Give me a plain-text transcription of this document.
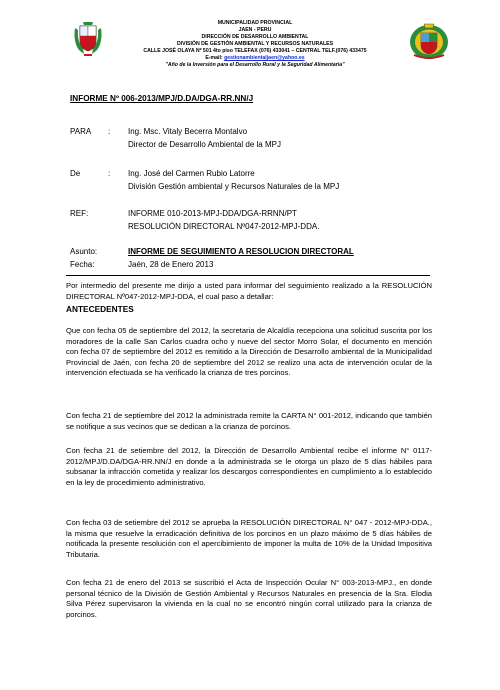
MUNICIPALIDAD PROVINCIAL
JAEN - PERU
DIRECCIÓN DE DESARROLLO AMBIENTAL
DIVISIÓN DE GESTIÓN AMBIENTAL Y RECURSOS NATURALES
CALLE JOSÉ OLAYA Nº 501 4to piso TELEFAX (076) 433041 – CENTRAL TELF.(076) 433475
E-mail: gestionambientaljaen@yahoo.es
"Año de la Inversión para el Desarrollo Rural y la Seguridad Alimentaria"
INFORME Nº 006-2013/MPJ/D.DA/DGA-RR.NN/J
PARA : Ing. Msc. Vitaly Becerra Montalvo
Director de Desarrollo Ambiental de la MPJ
De	: Ing. José del Carmen Rubio Latorre
División Gestión ambiental y Recursos Naturales de la MPJ
REF:	INFORME 010-2013-MPJ-DDA/DGA-RRNN/PT
RESOLUCIÓN DIRECTORAL Nº047-2012-MPJ-DDA.
Asunto:	INFORME DE SEGUIMIENTO A RESOLUCION DIRECTORAL
Fecha:	Jaén, 28 de Enero 2013
Por intermedio del presente me dirijo a usted para informar del seguimiento realizado a la RESOLUCIÓN DIRECTORAL Nº047-2012-MPJ-DDA, el cual paso a detallar:
ANTECEDENTES
Que con fecha 05 de septiembre del 2012, la secretaria de Alcaldía recepciona una solicitud suscrita por los moradores de la calle San Carlos cuadra ocho y nueve del sector Morro Solar, el documento en mención con fecha 07 de septiembre del 2012 es remitido a la Dirección de Desarrollo ambiental de la Municipalidad Provincial de Jaén, con fecha 20 de septiembre del 2012 se realizo una acta de intervención ocular de la intervención efectuada se ha verificado la crianza de tres porcinos.
Con fecha 21 de septiembre del 2012 la administrada remite la CARTA N° 001-2012, indicando que también se notifique a sus vecinos que se dedican a la crianza de porcinos.
Con fecha 21 de setiembre del 2012, la Dirección de Desarrollo Ambiental recibe el informe N° 0117-2012/MPJ/D.DA/DGA-RR.NN/J en donde a la administrada se le otorga un plazo de 5 días hábiles para subsanar la infracción cometida y realizar los descargos correspondientes en cumplimiento a lo establecido en la ley de procedimiento administrativo.
Con fecha 03 de setiembre del 2012 se aprueba la RESOLUCIÓN DIRECTORAL N° 047 - 2012-MPJ-DDA., la misma que resuelve la erradicación definitiva de los porcinos en un plazo máximo de 5 días hábiles de notificada la presente resolución con el apercibimiento de imponer la multa de 10% de la Unidad Impositiva Tributaria.
Con fecha 21 de enero del 2013 se suscribió el Acta de Inspección Ocular N° 003-2013-MPJ., en donde personal técnico de la División de Gestión Ambiental y Recursos Naturales en presencia de la Sra. Elodia Silva Pérez supervisaron la vivienda en la cual no se encontró ningún corral utilizado para la crianza de porcinos.
